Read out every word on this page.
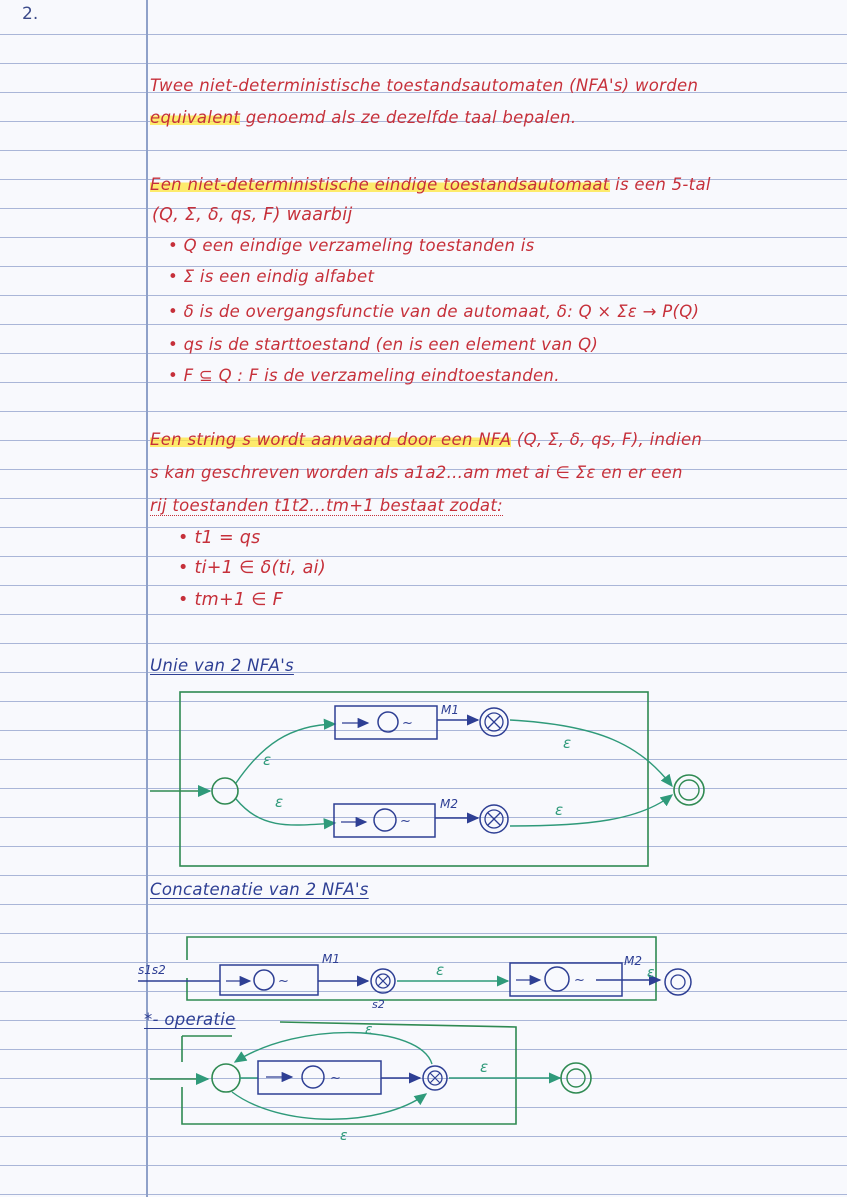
2.
Twee niet-deterministische toestandsautomaten (NFA's) worden
equivalent genoemd als ze dezelfde taal bepalen.
Een niet-deterministische eindige toestandsautomaat is een 5-tal
(Q, Σ, δ, qs, F) waarbij
• Q een eindige verzameling toestanden is
• Σ is een eindig alfabet
• δ is de overgangsfunctie van de automaat, δ: Q × Σε → P(Q)
• qs is de starttoestand (en is een element van Q)
• F ⊆ Q : F is de verzameling eindtoestanden.
Een string s wordt aanvaard door een NFA (Q, Σ, δ, qs, F), indien
s kan geschreven worden als a1a2...am met ai ∈ Σε en er een
rij toestanden t1t2...tm+1 bestaat zodat:
• t1 = qs
• ti+1 ∈ δ(ti, ai)
• tm+1 ∈ F
Unie van 2 NFA's
Concatenatie van 2 NFA's
*- operatie
ε
ε
~
M1
~
M2
ε
ε
s1s2
~
M1
s2
ε
~
M2
ε
~
ε
ε
ε
